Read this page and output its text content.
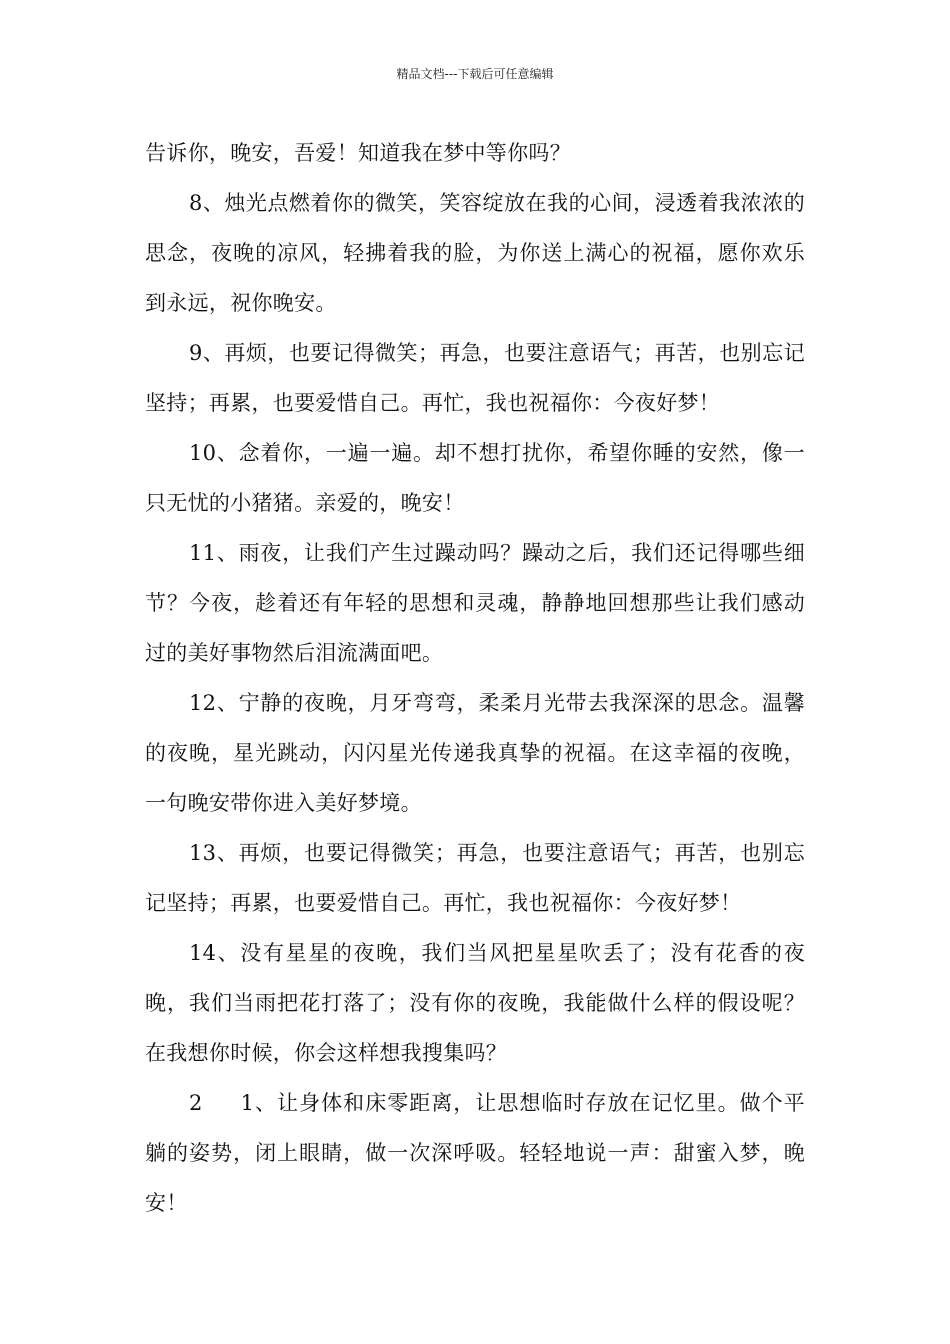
精品文档---下载后可任意编辑

告诉你，晚安，吾爱！知道我在梦中等你吗？

8、烛光点燃着你的微笑，笑容绽放在我的心间，浸透着我浓浓的思念，夜晚的凉风，轻拂着我的脸，为你送上满心的祝福，愿你欢乐到永远，祝你晚安。

9、再烦，也要记得微笑；再急，也要注意语气；再苦，也别忘记坚持；再累，也要爱惜自己。再忙，我也祝福你：今夜好梦！

10、念着你，一遍一遍。却不想打扰你，希望你睡的安然，像一只无忧的小猪猪。亲爱的，晚安！

11、雨夜，让我们产生过躁动吗？躁动之后，我们还记得哪些细节？今夜，趁着还有年轻的思想和灵魂，静静地回想那些让我们感动过的美好事物然后泪流满面吧。

12、宁静的夜晚，月牙弯弯，柔柔月光带去我深深的思念。温馨的夜晚，星光跳动，闪闪星光传递我真挚的祝福。在这幸福的夜晚，一句晚安带你进入美好梦境。

13、再烦，也要记得微笑；再急，也要注意语气；再苦，也别忘记坚持；再累，也要爱惜自己。再忙，我也祝福你：今夜好梦！

14、没有星星的夜晚，我们当风把星星吹丢了；没有花香的夜晚，我们当雨把花打落了；没有你的夜晚，我能做什么样的假设呢？在我想你时候，你会这样想我搜集吗？

2 1、让身体和床零距离，让思想临时存放在记忆里。做个平躺的姿势，闭上眼睛，做一次深呼吸。轻轻地说一声：甜蜜入梦，晚安！
